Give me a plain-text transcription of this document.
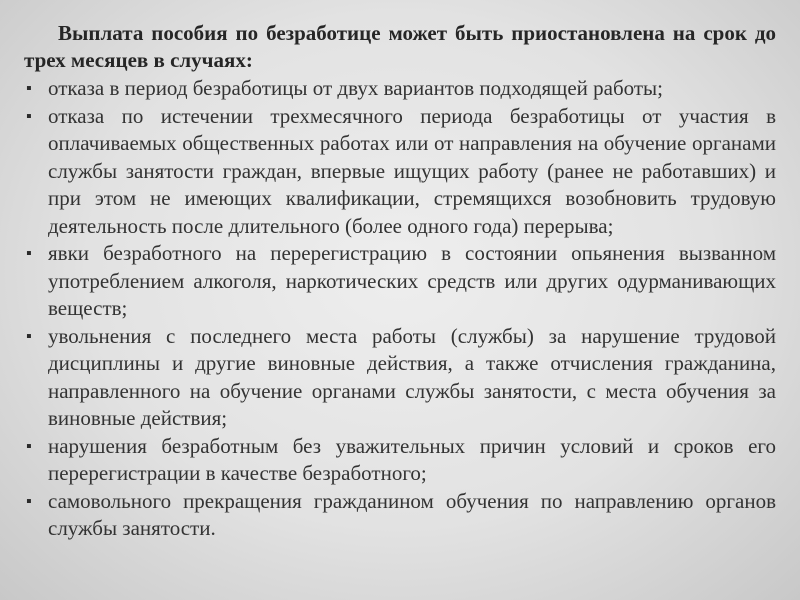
Выплата пособия по безработице может быть приостановлена на срок до трех месяцев в случаях:

▪ отказа в период безработицы от двух вариантов подходящей работы;
▪ отказа по истечении трехмесячного периода безработицы от участия в оплачиваемых общественных работах или от направления на обучение органами службы занятости граждан, впервые ищущих работу (ранее не работавших) и при этом не имеющих квалификации, стремящихся возобновить трудовую деятельность после длительного (более одного года) перерыва;
▪ явки безработного на перерегистрацию в состоянии опьянения вызванном употреблением алкоголя, наркотических средств или других одурманивающих веществ;
▪ увольнения с последнего места работы (службы) за нарушение трудовой дисциплины и другие виновные действия, а также отчисления гражданина, направленного на обучение органами службы занятости, с места обучения за виновные действия;
▪ нарушения безработным без уважительных причин условий и сроков его перерегистрации в качестве безработного;
▪ самовольного прекращения гражданином обучения по направлению органов службы занятости.
